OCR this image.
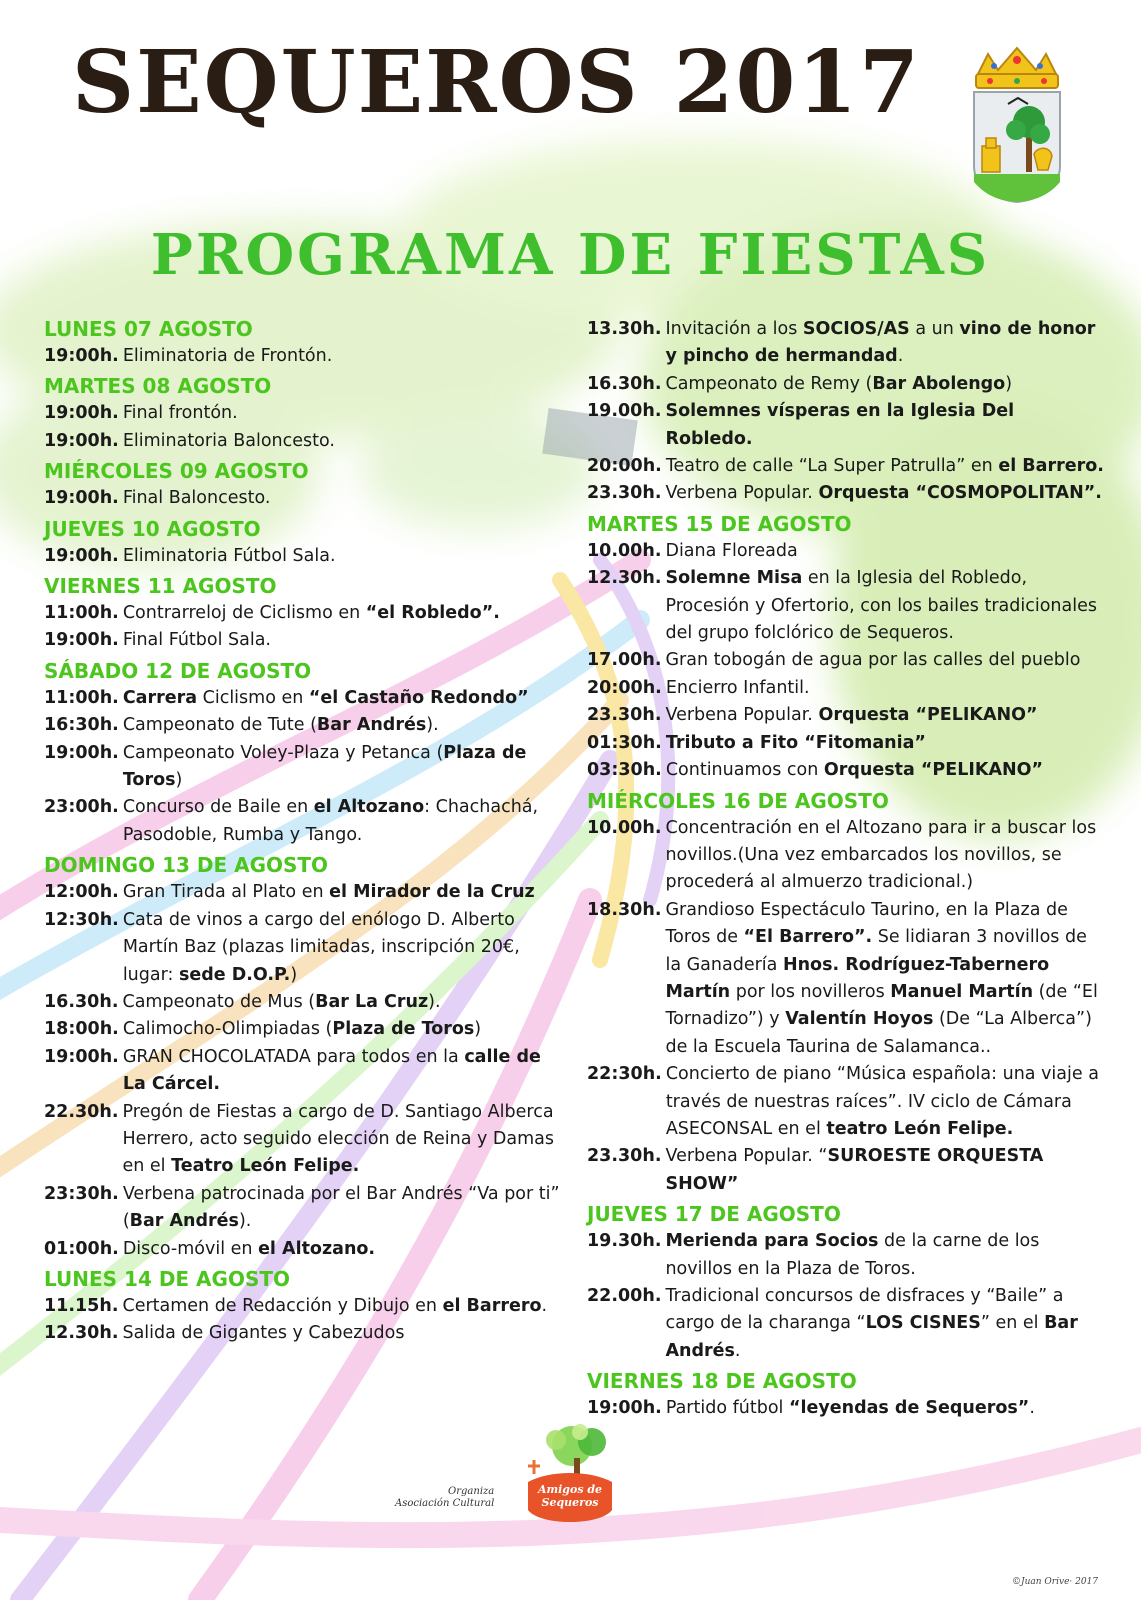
SEQUEROS 2017
PROGRAMA DE FIESTAS
LUNES 07 AGOSTO
19:00h. Eliminatoria de Frontón.
MARTES 08 AGOSTO
19:00h. Final frontón.
19:00h. Eliminatoria Baloncesto.
MIÉRCOLES 09 AGOSTO
19:00h. Final Baloncesto.
JUEVES 10 AGOSTO
19:00h. Eliminatoria Fútbol Sala.
VIERNES 11 AGOSTO
11:00h. Contrarreloj de Ciclismo en “el Robledo”.
19:00h. Final Fútbol Sala.
SÁBADO 12 DE AGOSTO
11:00h. Carrera Ciclismo en “el Castaño Redondo”
16:30h. Campeonato de Tute (Bar Andrés).
19:00h. Campeonato Voley-Plaza y Petanca (Plaza de Toros)
23:00h. Concurso de Baile en el Altozano: Chachachá, Pasodoble, Rumba y Tango.
DOMINGO 13 DE AGOSTO
12:00h. Gran Tirada al Plato en el Mirador de la Cruz
12:30h. Cata de vinos a cargo del enólogo D. Alberto Martín Baz (plazas limitadas, inscripción 20€, lugar: sede D.O.P.)
16.30h. Campeonato de Mus (Bar La Cruz).
18:00h. Calimocho-Olimpiadas (Plaza de Toros)
19:00h. GRAN CHOCOLATADA para todos en la calle de La Cárcel.
22.30h. Pregón de Fiestas a cargo de D. Santiago Alberca Herrero, acto seguido elección de Reina y Damas en el Teatro León Felipe.
23:30h. Verbena patrocinada por el Bar Andrés “Va por ti” (Bar Andrés).
01:00h. Disco-móvil en el Altozano.
LUNES 14 DE AGOSTO
11.15h. Certamen de Redacción y Dibujo en el Barrero.
12.30h. Salida de Gigantes y Cabezudos
13.30h. Invitación a los SOCIOS/AS a un vino de honor y pincho de hermandad.
16.30h. Campeonato de Remy (Bar Abolengo)
19.00h. Solemnes vísperas en la Iglesia Del Robledo.
20:00h. Teatro de calle “La Super Patrulla” en el Barrero.
23.30h. Verbena Popular. Orquesta “COSMOPOLITAN”.
MARTES 15 DE AGOSTO
10.00h. Diana Floreada
12.30h. Solemne Misa en la Iglesia del Robledo, Procesión y Ofertorio, con los bailes tradicionales del grupo folclórico de Sequeros.
17.00h. Gran tobogán de agua por las calles del pueblo
20:00h. Encierro Infantil.
23.30h. Verbena Popular. Orquesta “PELIKANO”
01:30h. Tributo a Fito “Fitomania”
03:30h. Continuamos con Orquesta “PELIKANO”
MIÉRCOLES 16 DE AGOSTO
10.00h. Concentración en el Altozano para ir a buscar los novillos.(Una vez embarcados los novillos, se procederá al almuerzo tradicional.)
18.30h. Grandioso Espectáculo Taurino, en la Plaza de Toros de “El Barrero”. Se lidiaran 3 novillos de la Ganadería Hnos. Rodríguez-Tabernero Martín por los novilleros Manuel Martín (de “El Tornadizo”) y Valentín Hoyos (De “La Alberca”) de la Escuela Taurina de Salamanca..
22:30h. Concierto de piano “Música española: una viaje a través de nuestras raíces”. IV ciclo de Cámara ASECONSAL en el teatro León Felipe.
23.30h. Verbena Popular. “SUROESTE ORQUESTA SHOW”
JUEVES 17 DE AGOSTO
19.30h. Merienda para Socios de la carne de los novillos en la Plaza de Toros.
22.00h. Tradicional concursos de disfraces y “Baile” a cargo de la charanga “LOS CISNES” en el Bar Andrés.
VIERNES 18 DE AGOSTO
19:00h. Partido fútbol “leyendas de Sequeros”.
Organiza
Asociación Cultural
Amigos de
Sequeros
©Juan Orive· 2017
